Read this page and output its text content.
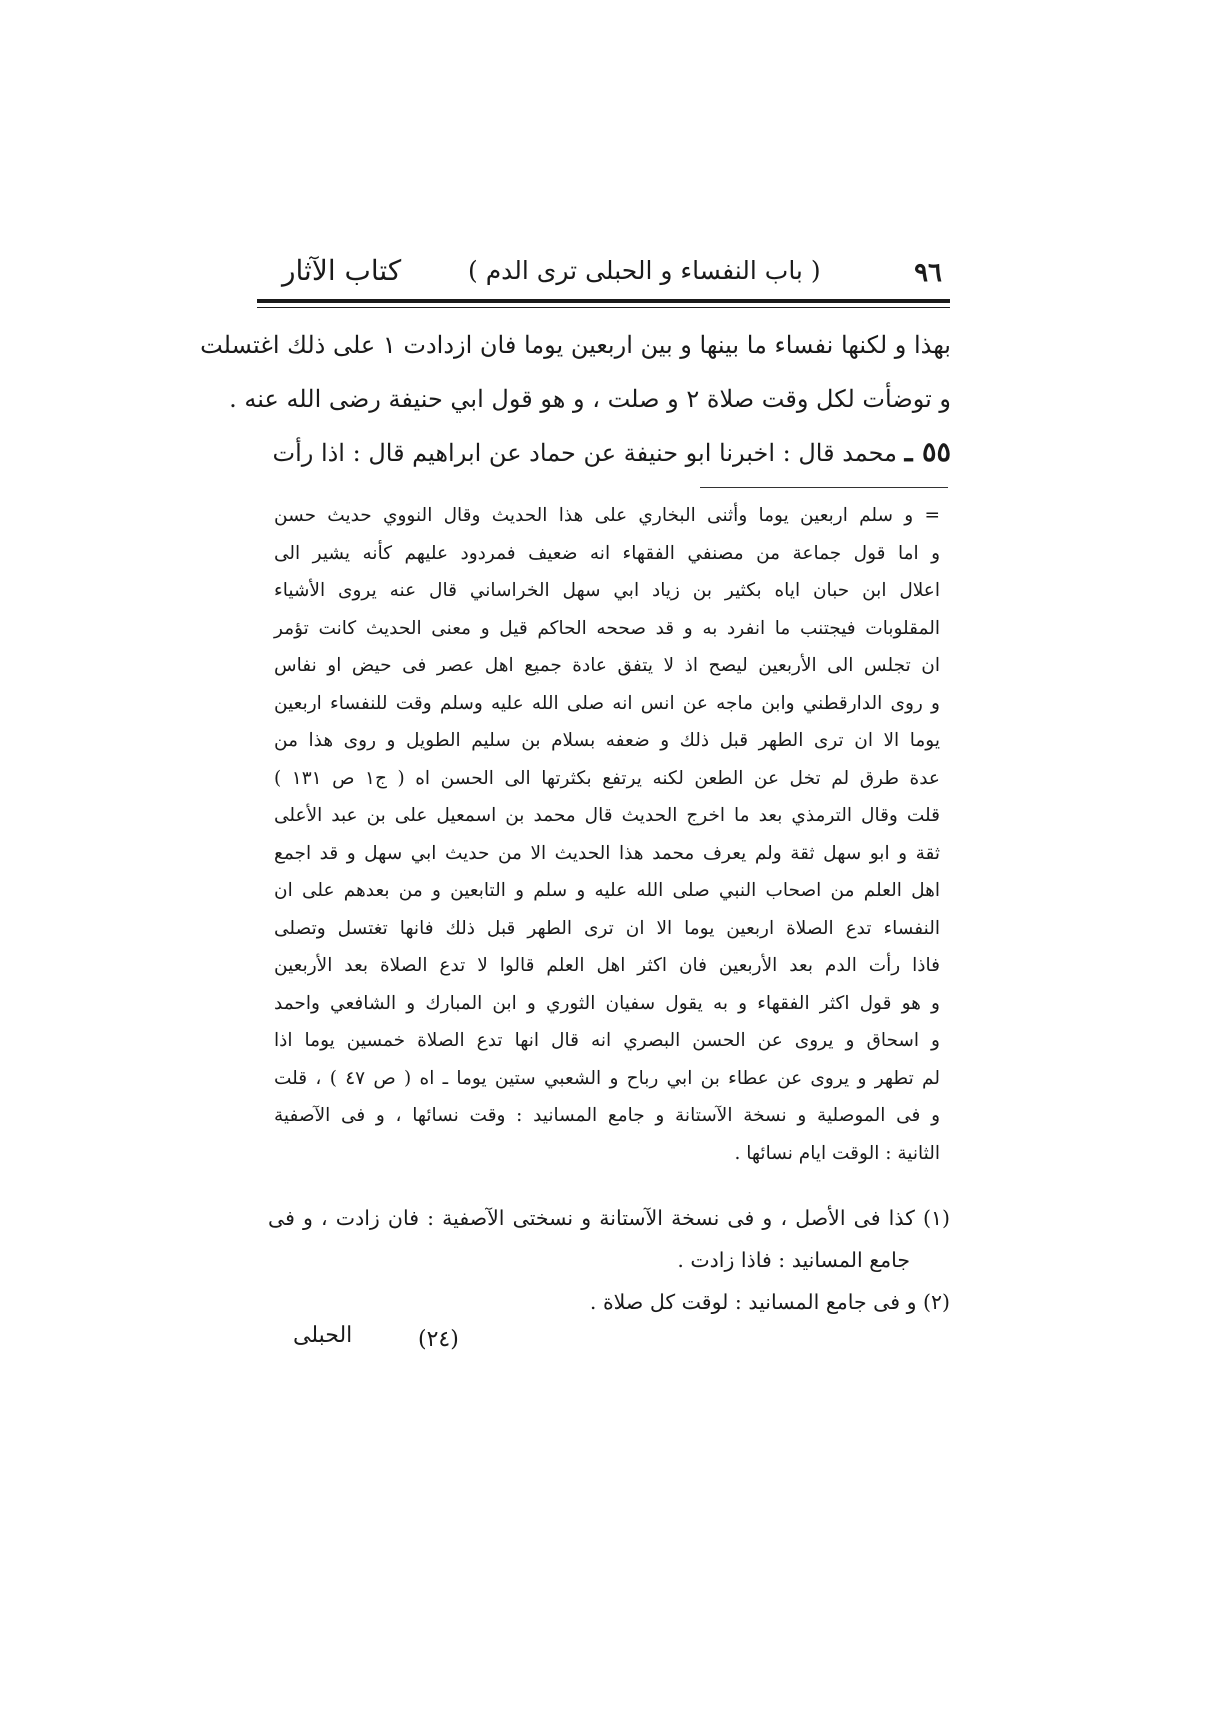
٩٦
( باب النفساء و الحبلى ترى الدم )
كتاب الآثار

بهذا و لكنها نفساء ما بينها و بين اربعين يوما فان ازدادت ١ على ذلك اغتسلت

و توضأت لكل وقت صلاة ٢ و صلت ، و هو قول ابي حنيفة رضى الله عنه .

٥٥ ـ محمد قال : اخبرنا ابو حنيفة عن حماد عن ابراهيم قال : اذا رأت

= و سلم اربعين يوما وأثنى البخاري على هذا الحديث وقال النووي حديث حسن

و اما قول جماعة من مصنفي الفقهاء انه ضعيف فمردود عليهم كأنه يشير الى

اعلال ابن حبان اياه بكثير بن زياد ابي سهل الخراساني قال عنه يروى الأشياء

المقلوبات فيجتنب ما انفرد به و قد صححه الحاكم قيل و معنى الحديث كانت تؤمر

ان تجلس الى الأربعين ليصح اذ لا يتفق عادة جميع اهل عصر فى حيض او نفاس

و روى الدارقطني وابن ماجه عن انس انه صلى الله عليه وسلم وقت للنفساء اربعين

يوما الا ان ترى الطهر قبل ذلك و ضعفه بسلام بن سليم الطويل و روى هذا من

عدة طرق لم تخل عن الطعن لكنه يرتفع بكثرتها الى الحسن اه ( ج١ ص ١٣١ )

قلت وقال الترمذي بعد ما اخرج الحديث قال محمد بن اسمعيل على بن عبد الأعلى

ثقة و ابو سهل ثقة ولم يعرف محمد هذا الحديث الا من حديث ابي سهل و قد اجمع

اهل العلم من اصحاب النبي صلى الله عليه و سلم و التابعين و من بعدهم على ان

النفساء تدع الصلاة اربعين يوما الا ان ترى الطهر قبل ذلك فانها تغتسل وتصلى

فاذا رأت الدم بعد الأربعين فان اكثر اهل العلم قالوا لا تدع الصلاة بعد الأربعين

و هو قول اكثر الفقهاء و به يقول سفيان الثوري و ابن المبارك و الشافعي واحمد

و اسحاق و يروى عن الحسن البصري انه قال انها تدع الصلاة خمسين يوما اذا

لم تطهر و يروى عن عطاء بن ابي رباح و الشعبي ستين يوما ـ اه ( ص ٤٧ ) ، قلت

و فى الموصلية و نسخة الآستانة و جامع المسانيد : وقت نسائها ، و فى الآصفية

الثانية : الوقت ايام نسائها .

(١) كذا فى الأصل ، و فى نسخة الآستانة و نسختى الآصفية : فان زادت ، و فى

جامع المسانيد : فاذا زادت .

(٢) و فى جامع المسانيد : لوقت كل صلاة .

(٢٤)
الحبلى
